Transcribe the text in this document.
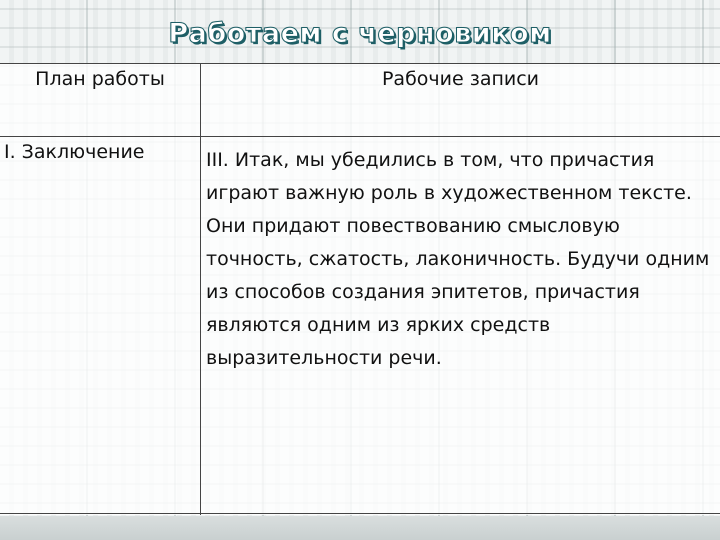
Работаем с черновиком
План работы	Рабочие записи
I. Заключение	III. Итак, мы убедились в том, что причастия
играют важную роль в художественном тексте.
Они придают повествованию смысловую
точность, сжатость, лаконичность. Будучи одним
из способов создания эпитетов, причастия
являются одним из ярких средств
выразительности речи.
